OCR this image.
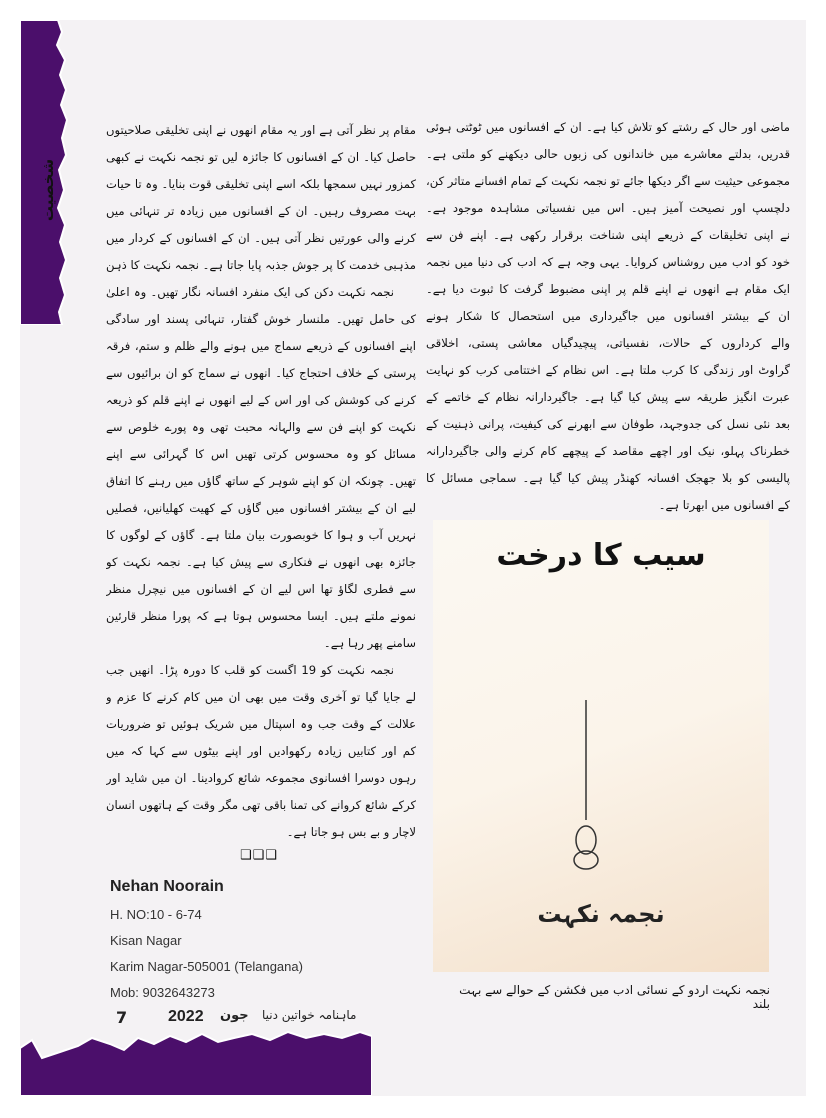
شخصیت
ماضی اور حال کے رشتے کو تلاش کیا ہے۔ ان کے افسانوں میں ٹوٹتی ہوئی
قدریں، بدلتے معاشرے میں خاندانوں کی زبوں حالی دیکھنے کو ملتی ہے۔
مجموعی حیثیت سے اگر دیکھا جائے تو نجمہ نکہت کے تمام افسانے متاثر کن،
دلچسپ اور نصیحت آمیز ہیں۔ اس میں نفسیاتی مشاہدہ موجود ہے۔
نے اپنی تخلیقات کے ذریعے اپنی شناخت برقرار رکھی ہے۔ اپنے فن سے
خود کو ادب میں روشناس کروایا۔ یہی وجہ ہے کہ ادب کی دنیا میں نجمہ
ایک مقام ہے انھوں نے اپنے قلم پر اپنی مضبوط گرفت کا ثبوت دیا ہے۔
ان کے بیشتر افسانوں میں جاگیرداری میں استحصال کا شکار ہونے
والے کرداروں کے حالات، نفسیاتی، پیچیدگیاں معاشی پستی، اخلاقی
گراوٹ اور زندگی کا کرب ملتا ہے۔ اس نظام کے اختتامی کرب کو نہایت
عبرت انگیز طریقہ سے پیش کیا گیا ہے۔ جاگیردارانہ نظام کے خاتمے کے
بعد نئی نسل کی جدوجہد، طوفان سے ابھرنے کی کیفیت، پرانی ذہنیت کے
خطرناک پہلو، نیک اور اچھے مقاصد کے پیچھے کام کرنے والی جاگیردارانہ
پالیسی کو بلا جھجک افسانہ کھنڈر پیش کیا گیا ہے۔ سماجی مسائل کا
کے افسانوں میں ابھرتا ہے۔
مقام پر نظر آتی ہے اور یہ مقام انھوں نے اپنی تخلیقی صلاحیتوں
حاصل کیا۔ ان کے افسانوں کا جائزہ لیں تو نجمہ نکہت نے کبھی
کمزور نہیں سمجھا بلکہ اسے اپنی تخلیقی قوت بنایا۔ وہ تا حیات
بہت مصروف رہیں۔ ان کے افسانوں میں زیادہ تر تنہائی میں
کرنے والی عورتیں نظر آتی ہیں۔ ان کے افسانوں کے کردار میں
مذہبی خدمت کا پر جوش جذبہ پایا جاتا ہے۔ نجمہ نکہت کا ذہن
نجمہ نکہت دکن کی ایک منفرد افسانہ نگار تھیں۔ وہ اعلیٰ
کی حامل تھیں۔ ملنسار خوش گفتار، تنہائی پسند اور سادگی
اپنے افسانوں کے ذریعے سماج میں ہونے والے ظلم و ستم، فرقہ
پرستی کے خلاف احتجاج کیا۔ انھوں نے سماج کو ان برائیوں سے
کرنے کی کوشش کی اور اس کے لیے انھوں نے اپنے قلم کو ذریعہ
نکہت کو اپنے فن سے والہانہ محبت تھی وہ پورے خلوص سے
مسائل کو وہ محسوس کرتی تھیں اس کا گہرائی سے اپنے
تھیں۔ چونکہ ان کو اپنے شوہر کے ساتھ گاؤں میں رہنے کا اتفاق
لیے ان کے بیشتر افسانوں میں گاؤں کے کھیت کھلیانیں، فصلیں
نہریں آب و ہوا کا خوبصورت بیان ملتا ہے۔ گاؤں کے لوگوں کا
جائزہ بھی انھوں نے فنکاری سے پیش کیا ہے۔ نجمہ نکہت کو
سے فطری لگاؤ تھا اس لیے ان کے افسانوں میں نیچرل منظر
نمونے ملتے ہیں۔ ایسا محسوس ہوتا ہے کہ پورا منظر قارئین
سامنے پھر رہا ہے۔
نجمہ نکہت کو 19 اگست کو قلب کا دورہ پڑا۔ انھیں جب
لے جایا گیا تو آخری وقت میں بھی ان میں کام کرنے کا عزم و
علالت کے وقت جب وہ اسپتال میں شریک ہوئیں تو ضروریات
کم اور کتابیں زیادہ رکھوادیں اور اپنے بیٹوں سے کہا کہ میں
رہوں دوسرا افسانوی مجموعہ شائع کروادینا۔ ان میں شاید اور
کرکے شائع کروانے کی تمنا باقی تھی مگر وقت کے ہاتھوں انسان
لاچار و بے بس ہو جاتا ہے۔
❑❑❑
Nehan Noorain
H. NO:10 - 6-74
Kisan Nagar
Karim Nagar-505001 (Telangana)
Mob: 9032643273
سیب کا درخت
نجمہ نکہت
نجمہ نکہت اردو کے نسائی ادب میں فکشن کے حوالے سے بہت بلند
7	2022 جون ماہنامہ خواتین دنیا
